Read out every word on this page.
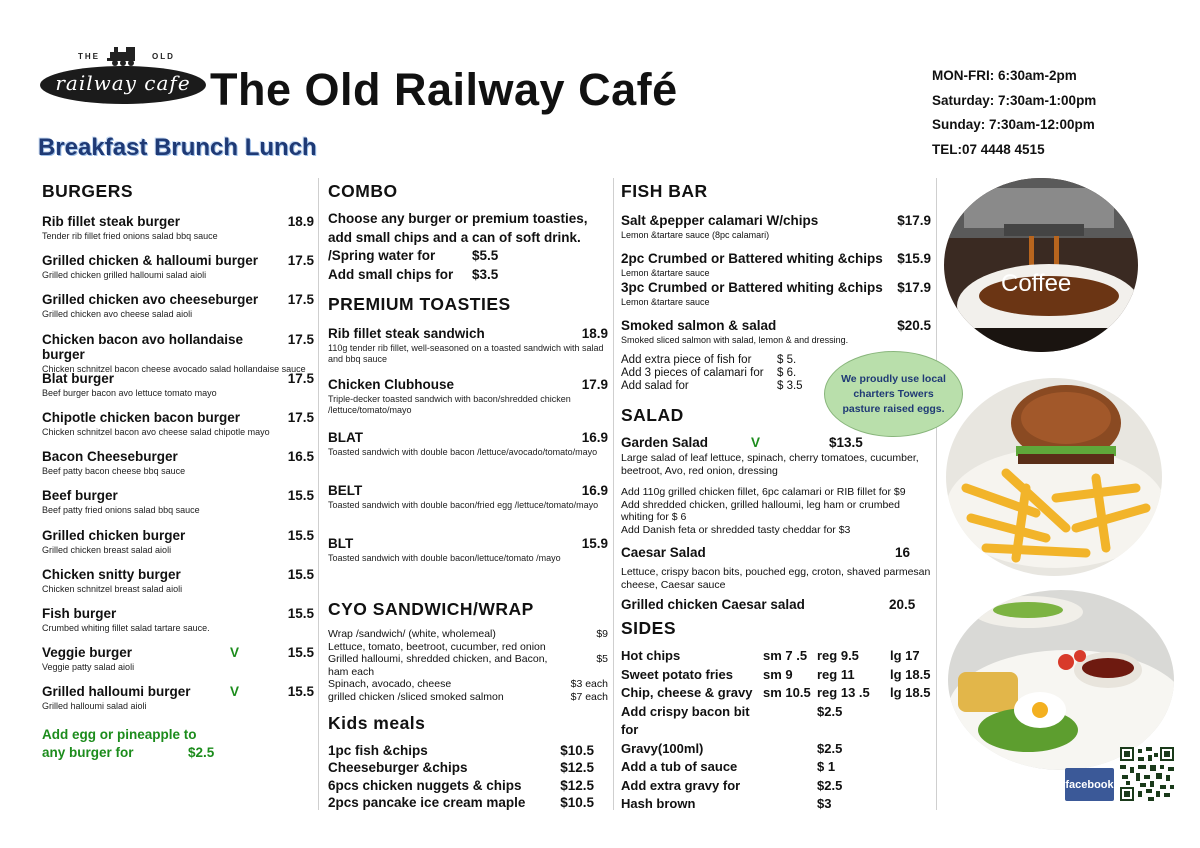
THE	OLD
railway cafe The Old Railway Café
Breakfast Brunch Lunch
MON-FRI: 6:30am-2pm
Saturday: 7:30am-1:00pm
Sunday: 7:30am-12:00pm
TEL:07 4448 4515
BURGERS
Rib fillet steak burger	18.9
Tender rib fillet fried onions salad bbq sauce
Grilled chicken & halloumi burger 17.5
Grilled chicken grilled halloumi salad aioli
Grilled chicken avo cheeseburger 17.5
Grilled chicken avo cheese salad aioli
Chicken bacon avo hollandaise burger
17.5
Chicken schnitzel bacon cheese avocado salad hollandaise sauce
Blat burger	17.5
Beef burger bacon avo lettuce tomato mayo
Chipotle chicken bacon burger	17.5
Chicken schnitzel bacon avo cheese salad chipotle mayo
Bacon Cheeseburger	16.5
Beef patty bacon cheese bbq sauce
Beef burger	15.5
Beef patty fried onions salad bbq sauce
Grilled chicken burger	15.5
Grilled chicken breast salad aioli
Chicken snitty burger	15.5
Chicken schnitzel breast salad aioli
Fish burger	15.5
Crumbed whiting fillet salad tartare sauce.
Veggie burger	V	15.5
Veggie patty salad aioli
Grilled halloumi burger	V	15.5
Grilled halloumi salad aioli
Add egg or pineapple to
any burger for	$2.5
COMBO
Choose any burger or premium toasties, add small chips and a can of soft drink.
/Spring water for	$5.5
Add small chips for	$3.5
PREMIUM TOASTIES
Rib fillet steak sandwich	18.9
110g tender rib fillet, well-seasoned on a toasted sandwich with salad and bbq sauce
Chicken Clubhouse	17.9
Triple-decker toasted sandwich with bacon/shredded chicken /lettuce/tomato/mayo
BLAT	16.9
Toasted sandwich with double bacon /lettuce/avocado/tomato/mayo
BELT	16.9
Toasted sandwich with double bacon/fried egg /lettuce/tomato/mayo
BLT	15.9
Toasted sandwich with double bacon/lettuce/tomato /mayo
CYO SANDWICH/WRAP
Wrap /sandwich/ (white, wholemeal)	$9
Lettuce, tomato, beetroot, cucumber, red onion
Grilled halloumi, shredded chicken, and Bacon, ham each
$5
Spinach, avocado, cheese	$3 each
grilled chicken /sliced smoked salmon	$7 each
Kids meals
1pc fish &chips	$10.5
Cheeseburger &chips	$12.5
6pcs chicken nuggets & chips	$12.5
2pcs pancake ice cream maple	$10.5
FISH BAR
Salt &pepper calamari W/chips	$17.9
Lemon &tartare sauce (8pc calamari)
2pc Crumbed or Battered whiting &chips $15.9
Lemon &tartare sauce
3pc Crumbed or Battered whiting &chips $17.9
Lemon &tartare sauce
Smoked salmon & salad	$20.5
Smoked sliced salmon with salad, lemon & and dressing.
Add extra piece of fish for	$ 5.
Add 3 pieces of calamari for	$ 6.
Add salad for	$ 3.5
SALAD
Garden Salad	V	$13.5
Large salad of leaf lettuce, spinach, cherry tomatoes, cucumber, beetroot, Avo, red onion, dressing
Add 110g grilled chicken fillet, 6pc calamari or RIB fillet for $9
Add shredded chicken, grilled halloumi, leg ham or crumbed whiting for $ 6
Add Danish feta or shredded tasty cheddar for $3
Caesar Salad	16
Lettuce, crispy bacon bits, pouched egg, croton, shaved parmesan cheese, Caesar sauce
Grilled chicken Caesar salad	20.5
SIDES
Hot chips	sm 7 .5 reg 9.5	lg 17
Sweet potato fries	sm 9	reg 11	lg 18.5
Chip, cheese & gravy sm 10.5 reg 13 .5	lg 18.5
Add crispy bacon bit for
$2.5
Gravy(100ml)	$2.5
Add a tub of sauce	$ 1
Add extra gravy for	$2.5
Hash brown	$3
We proudly use local charters Towers pasture raised eggs.
Coffee
facebook
